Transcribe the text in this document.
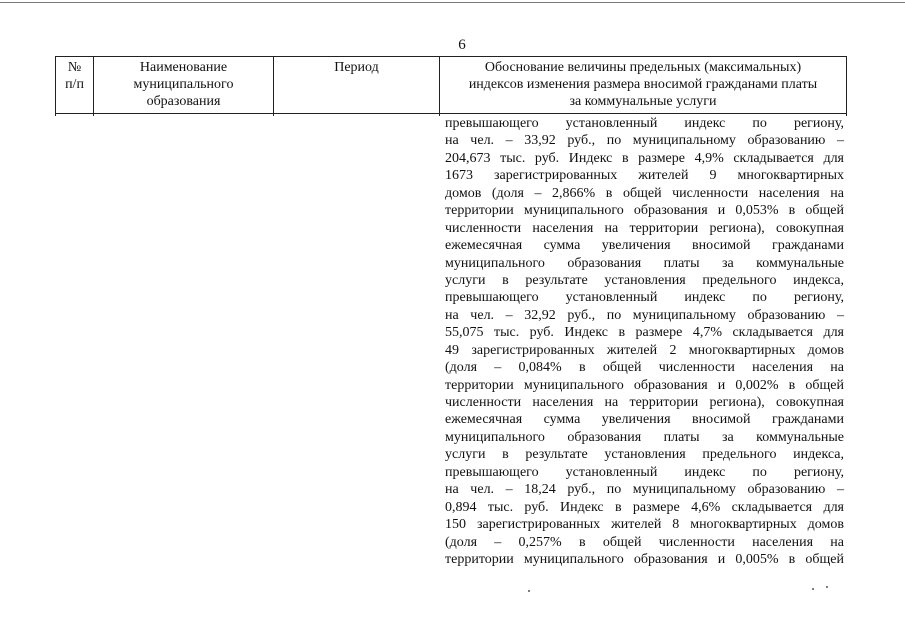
6
№
п/п
Наименование
муниципального
образования
Период	Обоснование величины предельных (максимальных)
индексов изменения размера вносимой гражданами платы
за коммунальные услуги
превышающего установленный индекс по региону,
на чел. – 33,92 руб., по муниципальному образованию –
204,673 тыс. руб. Индекс в размере 4,9% складывается для
1673 зарегистрированных жителей 9 многоквартирных
домов (доля – 2,866% в общей численности населения на
территории муниципального образования и 0,053% в общей
численности населения на территории региона), совокупная
ежемесячная сумма увеличения вносимой гражданами
муниципального образования платы за коммунальные
услуги в результате установления предельного индекса,
превышающего установленный индекс по региону,
на чел. – 32,92 руб., по муниципальному образованию –
55,075 тыс. руб. Индекс в размере 4,7% складывается для
49 зарегистрированных жителей 2 многоквартирных домов
(доля – 0,084% в общей численности населения на
территории муниципального образования и 0,002% в общей
численности населения на территории региона), совокупная
ежемесячная сумма увеличения вносимой гражданами
муниципального образования платы за коммунальные
услуги в результате установления предельного индекса,
превышающего установленный индекс по региону,
на чел. – 18,24 руб., по муниципальному образованию –
0,894 тыс. руб. Индекс в размере 4,6% складывается для
150 зарегистрированных жителей 8 многоквартирных домов
(доля – 0,257% в общей численности населения на
территории муниципального образования и 0,005% в общей
